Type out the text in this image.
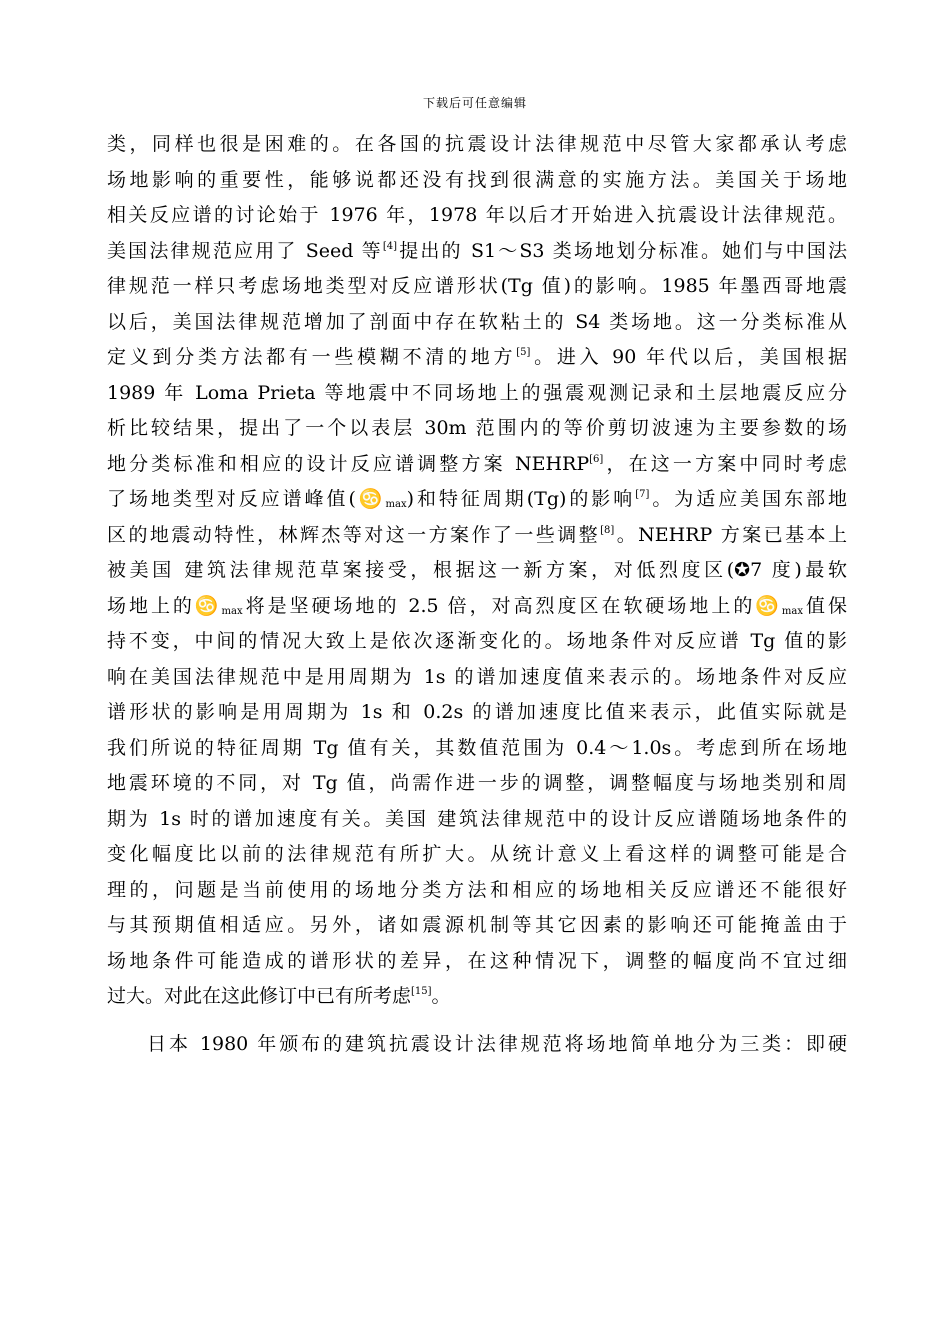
下载后可任意编辑
类，同样也很是困难的。在各国的抗震设计法律规范中尽管大家都承认考虑
场地影响的重要性，能够说都还没有找到很满意的实施方法。美国关于场地
相关反应谱的讨论始于 1976 年，1978 年以后才开始进入抗震设计法律规范。
美国法律规范应用了 Seed 等[4]提出的 S1～S3 类场地划分标准。她们与中国法
律规范一样只考虑场地类型对反应谱形状(Tg 值)的影响。1985 年墨西哥地震
以后，美国法律规范增加了剖面中存在软粘土的 S4 类场地。这一分类标准从
定义到分类方法都有一些模糊不清的地方[5]。进入 90 年代以后，美国根据
1989 年 Loma Prieta 等地震中不同场地上的强震观测记录和土层地震反应分
析比较结果，提出了一个以表层 30m 范围内的等价剪切波速为主要参数的场
地分类标准和相应的设计反应谱调整方案 NEHRP[6]，在这一方案中同时考虑
了场地类型对反应谱峰值$(♋_{max})$和特征周期(Tg)的影响[7]。为适应美国东部地
区的地震动特性，林辉杰等对这一方案作了一些调整[8]。NEHRP 方案已基本上
被美国 建筑法律规范草案接受，根据这一新方案，对低烈度区(✪7 度)最软
场地上的$♋_{max}$将是坚硬场地的 2.5 倍，对高烈度区在软硬场地上的$♋_{max}$值保
持不变，中间的情况大致上是依次逐渐变化的。场地条件对反应谱 Tg 值的影
响在美国法律规范中是用周期为 1s 的谱加速度值来表示的。场地条件对反应
谱形状的影响是用周期为 1s 和 0.2s 的谱加速度比值来表示，此值实际就是
我们所说的特征周期 Tg 值有关，其数值范围为 0.4～1.0s。考虑到所在场地
地震环境的不同，对 Tg 值，尚需作进一步的调整，调整幅度与场地类别和周
期为 1s 时的谱加速度有关。美国 建筑法律规范中的设计反应谱随场地条件的
变化幅度比以前的法律规范有所扩大。从统计意义上看这样的调整可能是合
理的，问题是当前使用的场地分类方法和相应的场地相关反应谱还不能很好
与其预期值相适应。另外，诸如震源机制等其它因素的影响还可能掩盖由于
场地条件可能造成的谱形状的差异，在这种情况下，调整的幅度尚不宜过细
过大。对此在这此修订中已有所考虑[15]。
日本 1980 年颁布的建筑抗震设计法律规范将场地简单地分为三类：即硬
